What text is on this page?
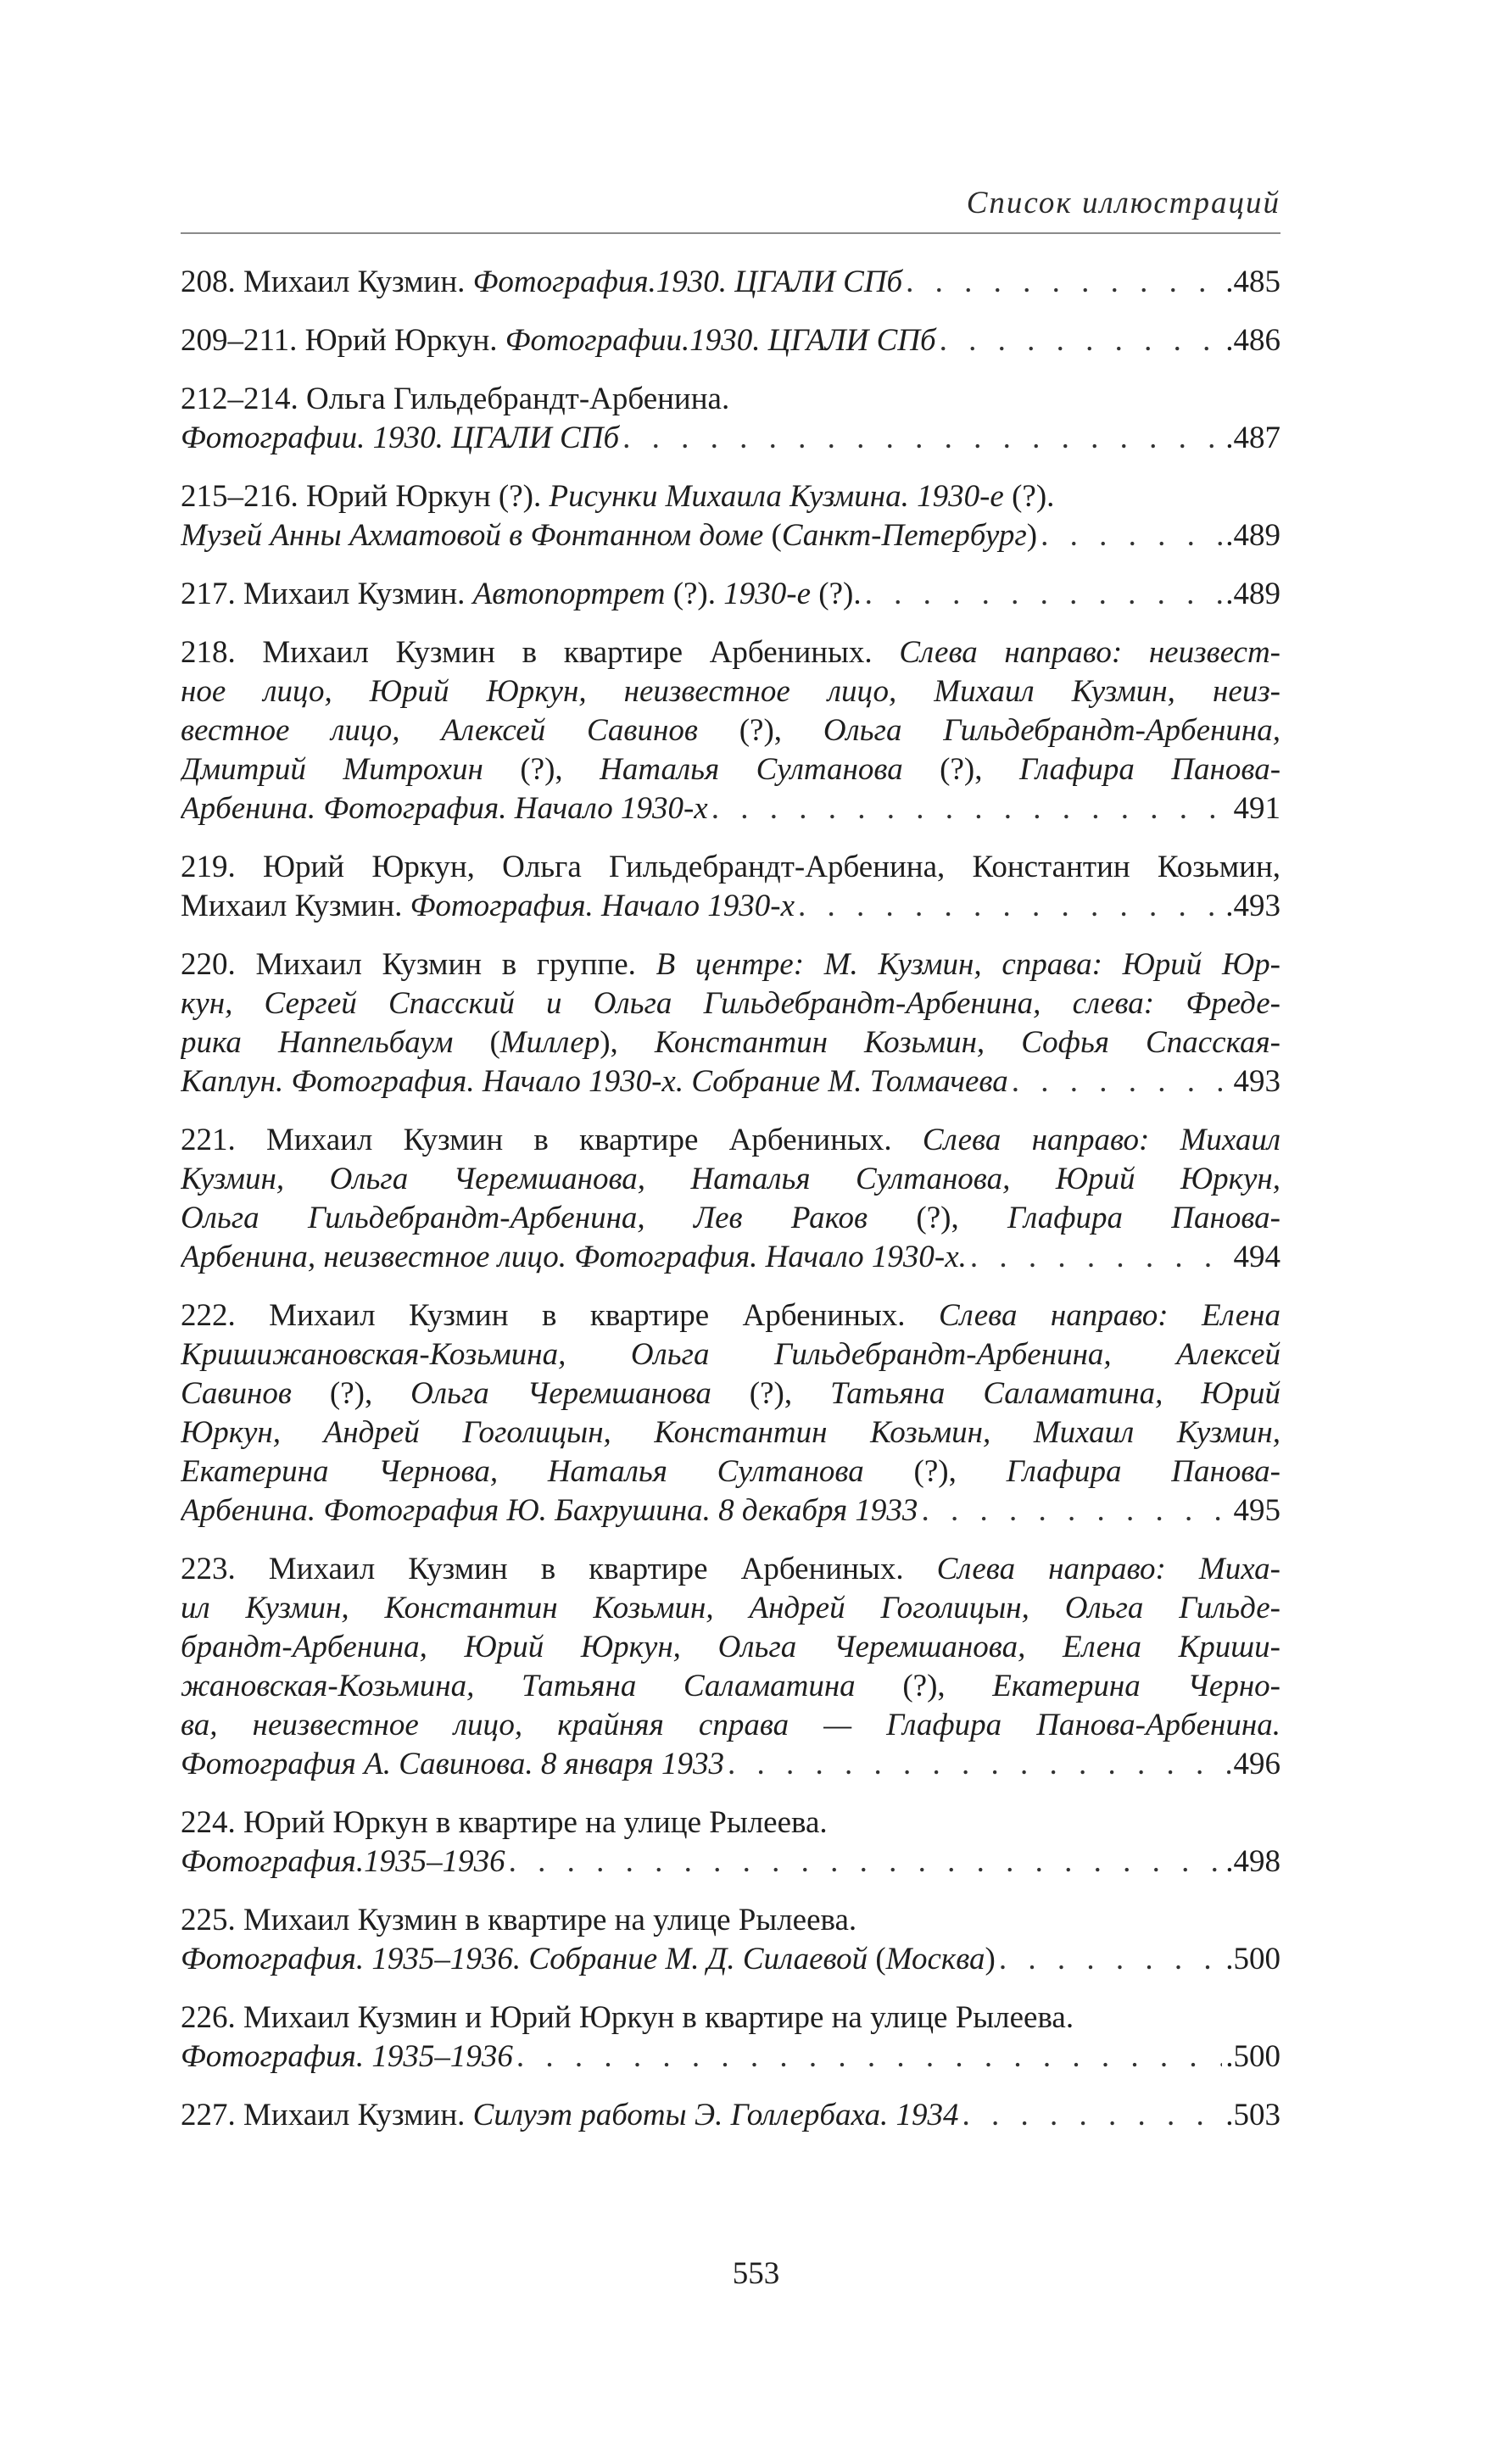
Список иллюстраций
208. Михаил Кузмин. Фотография.1930. ЦГАЛИ СПб . . .	.485
209–211. Юрий Юркун. Фотографии.1930. ЦГАЛИ СПб . . .	.486
212–214. Ольга Гильдебрандт-Арбенина.
Фотографии. 1930. ЦГАЛИ СПб . . .	.487
215–216. Юрий Юркун (?). Рисунки Михаила Кузмина. 1930-е (?).
Музей Анны Ахматовой в Фонтанном доме (Санкт-Петербург) . . .	.489
217. Михаил Кузмин. Автопортрет (?). 1930-е (?). . . .	.489
218. Михаил Кузмин в квартире Арбениных. Слева направо: неизвест-
ное лицо, Юрий Юркун, неизвестное лицо, Михаил Кузмин, неиз-
вестное лицо, Алексей Савинов (?), Ольга Гильдебрандт-Арбенина,
Дмитрий Митрохин (?), Наталья Султанова (?), Глафира Панова-
Арбенина. Фотография. Начало 1930-х . . .	491
219. Юрий Юркун, Ольга Гильдебрандт-Арбенина, Константин Козьмин,
Михаил Кузмин. Фотография. Начало 1930-х . . .	.493
220. Михаил Кузмин в группе. В центре: М. Кузмин, справа: Юрий Юр-
кун, Сергей Спасский и Ольга Гильдебрандт-Арбенина, слева: Фреде-
рика Наппельбаум (Миллер), Константин Козьмин, Софья Спасская-
Каплун. Фотография. Начало 1930-х. Собрание М. Толмачева . . .	493
221. Михаил Кузмин в квартире Арбениных. Слева направо: Михаил
Кузмин, Ольга Черемшанова, Наталья Султанова, Юрий Юркун,
Ольга Гильдебрандт-Арбенина, Лев Раков (?), Глафира Панова-
Арбенина, неизвестное лицо. Фотография. Начало 1930-х. . . .	494
222. Михаил Кузмин в квартире Арбениных. Слева направо: Елена
Кришижановская-Козьмина, Ольга Гильдебрандт-Арбенина, Алексей
Савинов (?), Ольга Черемшанова (?), Татьяна Саламатина, Юрий
Юркун, Андрей Гоголицын, Константин Козьмин, Михаил Кузмин,
Екатерина Чернова, Наталья Султанова (?), Глафира Панова-
Арбенина. Фотография Ю. Бахрушина. 8 декабря 1933 . . .	495
223. Михаил Кузмин в квартире Арбениных. Слева направо: Миха-
ил Кузмин, Константин Козьмин, Андрей Гоголицын, Ольга Гильде-
брандт-Арбенина, Юрий Юркун, Ольга Черемшанова, Елена Криши-
жановская-Козьмина, Татьяна Саламатина (?), Екатерина Черно-
ва, неизвестное лицо, крайняя справа — Глафира Панова-Арбенина.
Фотография А. Савинова. 8 января 1933 . . .	496
224. Юрий Юркун в квартире на улице Рылеева.
Фотография.1935–1936 . . .	.498
225. Михаил Кузмин в квартире на улице Рылеева.
Фотография. 1935–1936. Собрание М. Д. Силаевой (Москва) . . .	.500
226. Михаил Кузмин и Юрий Юркун в квартире на улице Рылеева.
Фотография. 1935–1936 . . .	.500
227. Михаил Кузмин. Силуэт работы Э. Голлербаха. 1934 . . .	.503
553
